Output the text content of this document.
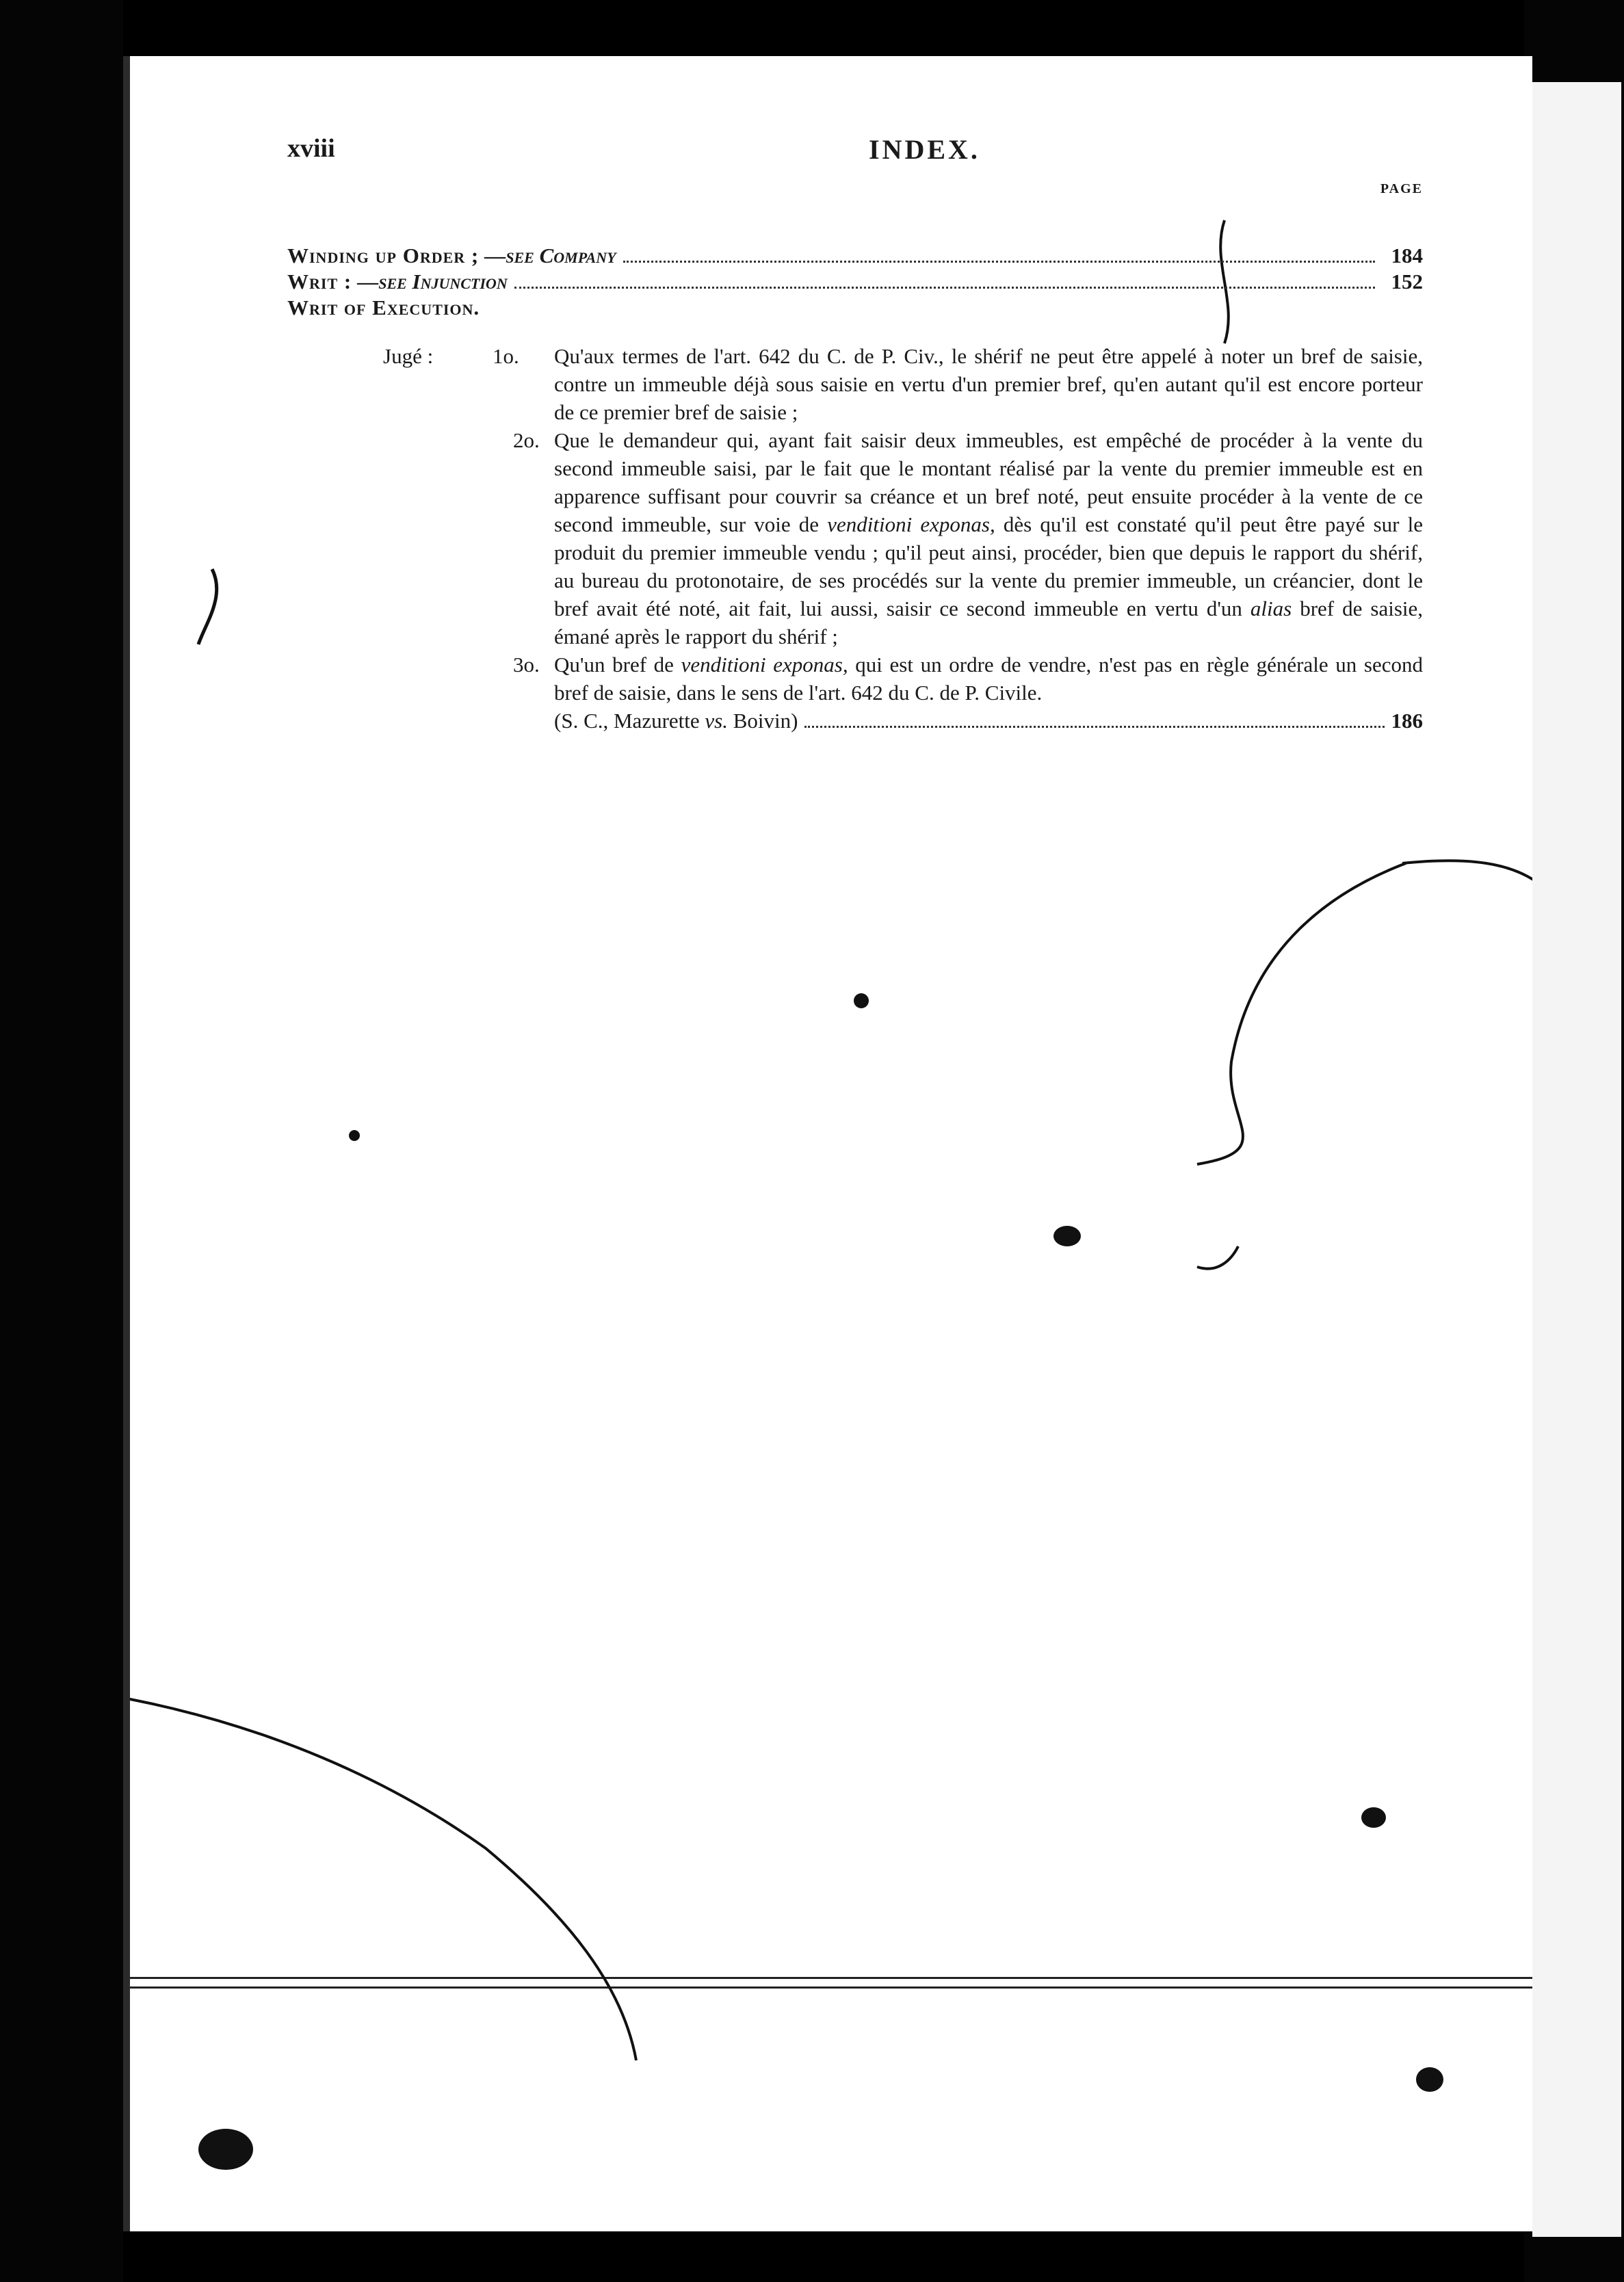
xviii	INDEX.
PAGE
Winding up Order ; —see Company	184
Writ : —see Injunction	152
Writ of Execution.
Jugé :	1o. Qu'aux termes de l'art. 642 du C. de P. Civ., le shérif ne peut être appelé à noter un bref de saisie, contre un immeuble déjà sous saisie en vertu d'un premier bref, qu'en autant qu'il est encore porteur de ce premier bref de saisie ;
2o. Que le demandeur qui, ayant fait saisir deux immeubles, est empêché de procéder à la vente du second immeuble saisi, par le fait que le montant réalisé par la vente du premier immeuble est en apparence suffisant pour couvrir sa créance et un bref noté, peut ensuite procéder à la vente de ce second immeuble, sur voie de venditioni exponas, dès qu'il est constaté qu'il peut être payé sur le produit du premier immeuble vendu ; qu'il peut ainsi, procéder, bien que depuis le rapport du shérif, au bureau du protonotaire, de ses procédés sur la vente du premier immeuble, un créancier, dont le bref avait été noté, ait fait, lui aussi, saisir ce second immeuble en vertu d'un alias bref de saisie, émané après le rapport du shérif ;
3o. Qu'un bref de venditioni exponas, qui est un ordre de vendre, n'est pas en règle générale un second bref de saisie, dans le sens de l'art. 642 du C. de P. Civile.
(S. C., Mazurette
vs.
Boivin)	186
